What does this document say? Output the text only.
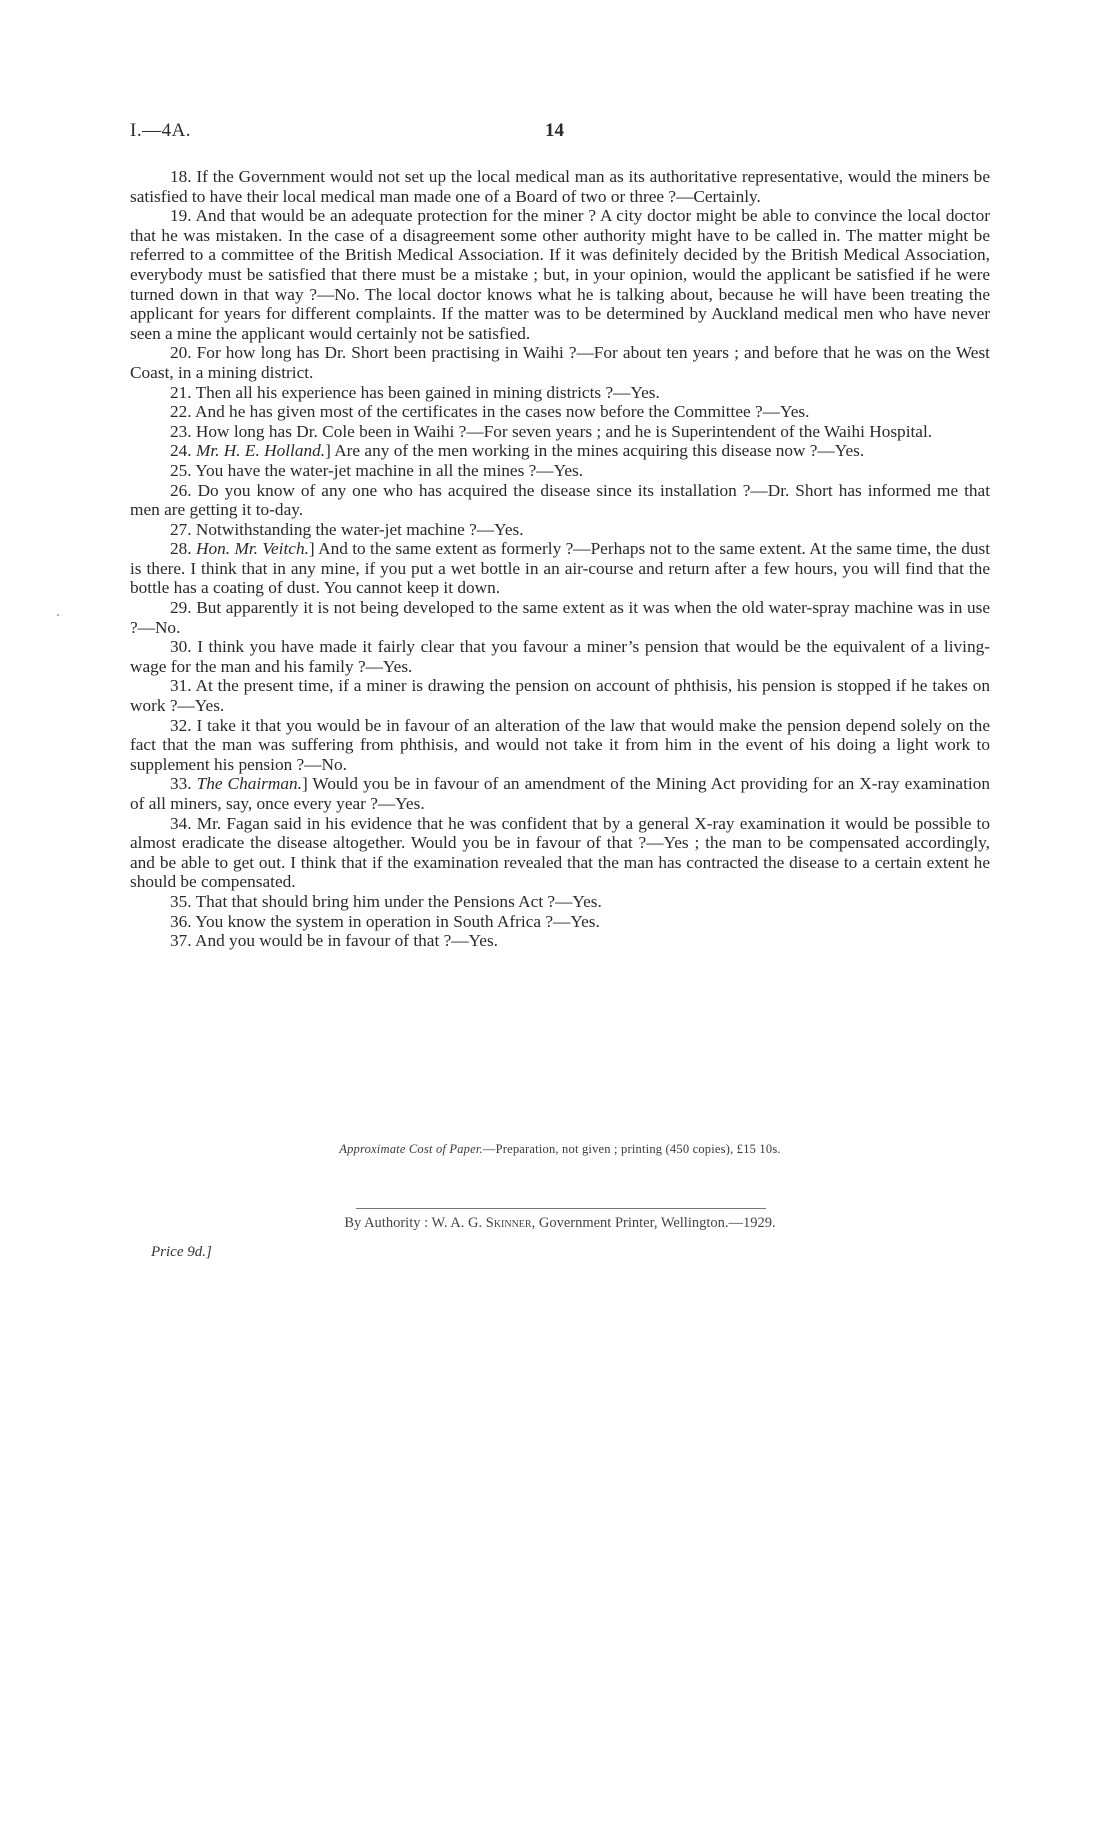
I.—4A.	14

18. If the Government would not set up the local medical man as its authoritative representative, would the miners be satisfied to have their local medical man made one of a Board of two or three ?—Certainly.

19. And that would be an adequate protection for the miner ? A city doctor might be able to convince the local doctor that he was mistaken. In the case of a disagreement some other authority might have to be called in. The matter might be referred to a committee of the British Medical Association. If it was definitely decided by the British Medical Association, everybody must be satisfied that there must be a mistake ; but, in your opinion, would the applicant be satisfied if he were turned down in that way ?—No. The local doctor knows what he is talking about, because he will have been treating the applicant for years for different complaints. If the matter was to be determined by Auckland medical men who have never seen a mine the applicant would certainly not be satisfied.

20. For how long has Dr. Short been practising in Waihi ?—For about ten years ; and before that he was on the West Coast, in a mining district.

21. Then all his experience has been gained in mining districts ?—Yes.

22. And he has given most of the certificates in the cases now before the Committee ?—Yes.

23. How long has Dr. Cole been in Waihi ?—For seven years ; and he is Superintendent of the Waihi Hospital.

24. Mr. H. E. Holland.] Are any of the men working in the mines acquiring this disease now ?—Yes.

25. You have the water-jet machine in all the mines ?—Yes.

26. Do you know of any one who has acquired the disease since its installation ?—Dr. Short has informed me that men are getting it to-day.

27. Notwithstanding the water-jet machine ?—Yes.

28. Hon. Mr. Veitch.] And to the same extent as formerly ?—Perhaps not to the same extent. At the same time, the dust is there. I think that in any mine, if you put a wet bottle in an air-course and return after a few hours, you will find that the bottle has a coating of dust. You cannot keep it down.

29. But apparently it is not being developed to the same extent as it was when the old water-spray machine was in use ?—No.

30. I think you have made it fairly clear that you favour a miner’s pension that would be the equivalent of a living-wage for the man and his family ?—Yes.

31. At the present time, if a miner is drawing the pension on account of phthisis, his pension is stopped if he takes on work ?—Yes.

32. I take it that you would be in favour of an alteration of the law that would make the pension depend solely on the fact that the man was suffering from phthisis, and would not take it from him in the event of his doing a light work to supplement his pension ?—No.

33. The Chairman.] Would you be in favour of an amendment of the Mining Act providing for an X-ray examination of all miners, say, once every year ?—Yes.

34. Mr. Fagan said in his evidence that he was confident that by a general X-ray examination it would be possible to almost eradicate the disease altogether. Would you be in favour of that ?—Yes ; the man to be compensated accordingly, and be able to get out. I think that if the examination revealed that the man has contracted the disease to a certain extent he should be compensated.

35. That that should bring him under the Pensions Act ?—Yes.

36. You know the system in operation in South Africa ?—Yes.

37. And you would be in favour of that ?—Yes.

Approximate Cost of Paper.—Preparation, not given ; printing (450 copies), £15 10s.
By Authority : W. A. G. Skinner, Government Printer, Wellington.—1929.
Price 9d.]
